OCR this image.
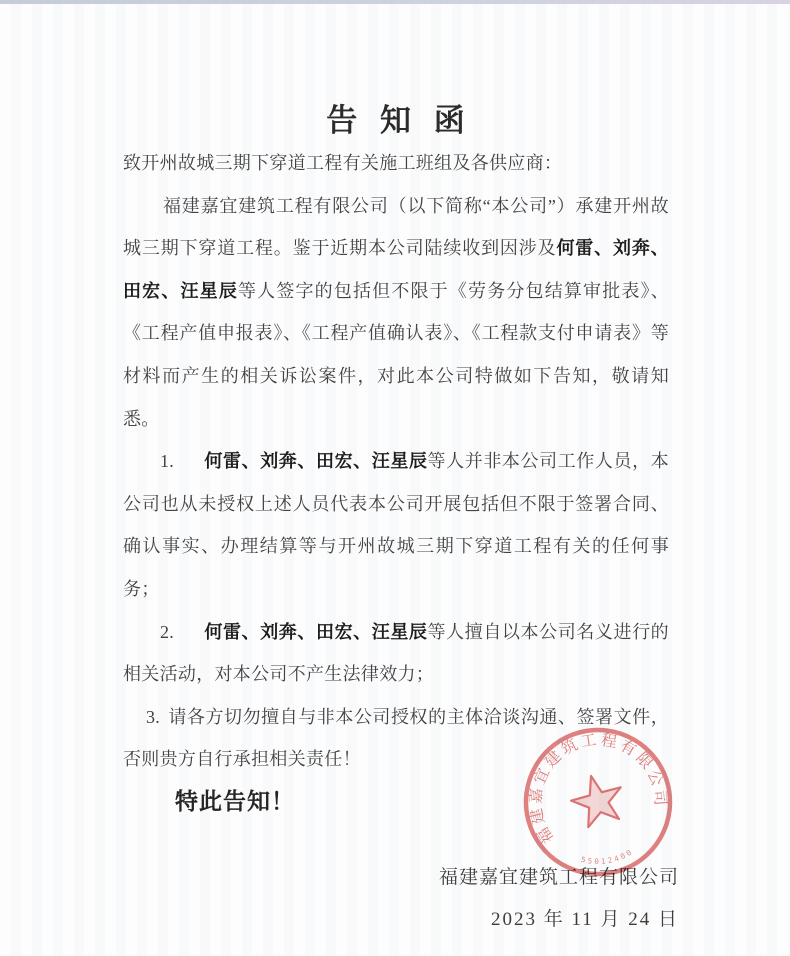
告 知 函

致开州故城三期下穿道工程有关施工班组及各供应商：

福建嘉宜建筑工程有限公司（以下简称“本公司”）承建开州故城三期下穿道工程。鉴于近期本公司陆续收到因涉及何雷、刘奔、田宏、汪星辰等人签字的包括但不限于《劳务分包结算审批表》、《工程产值申报表》、《工程产值确认表》、《工程款支付申请表》等材料而产生的相关诉讼案件，对此本公司特做如下告知，敬请知悉。

1. 何雷、刘奔、田宏、汪星辰等人并非本公司工作人员，本公司也从未授权上述人员代表本公司开展包括但不限于签署合同、确认事实、办理结算等与开州故城三期下穿道工程有关的任何事务；

2. 何雷、刘奔、田宏、汪星辰等人擅自以本公司名义进行的相关活动，对本公司不产生法律效力；

3. 请各方切勿擅自与非本公司授权的主体洽谈沟通、签署文件，否则贵方自行承担相关责任！

特此告知！

福建嘉宜建筑工程有限公司
2023 年 11 月 24 日
福建嘉宜建筑工程有限公司
55012400
